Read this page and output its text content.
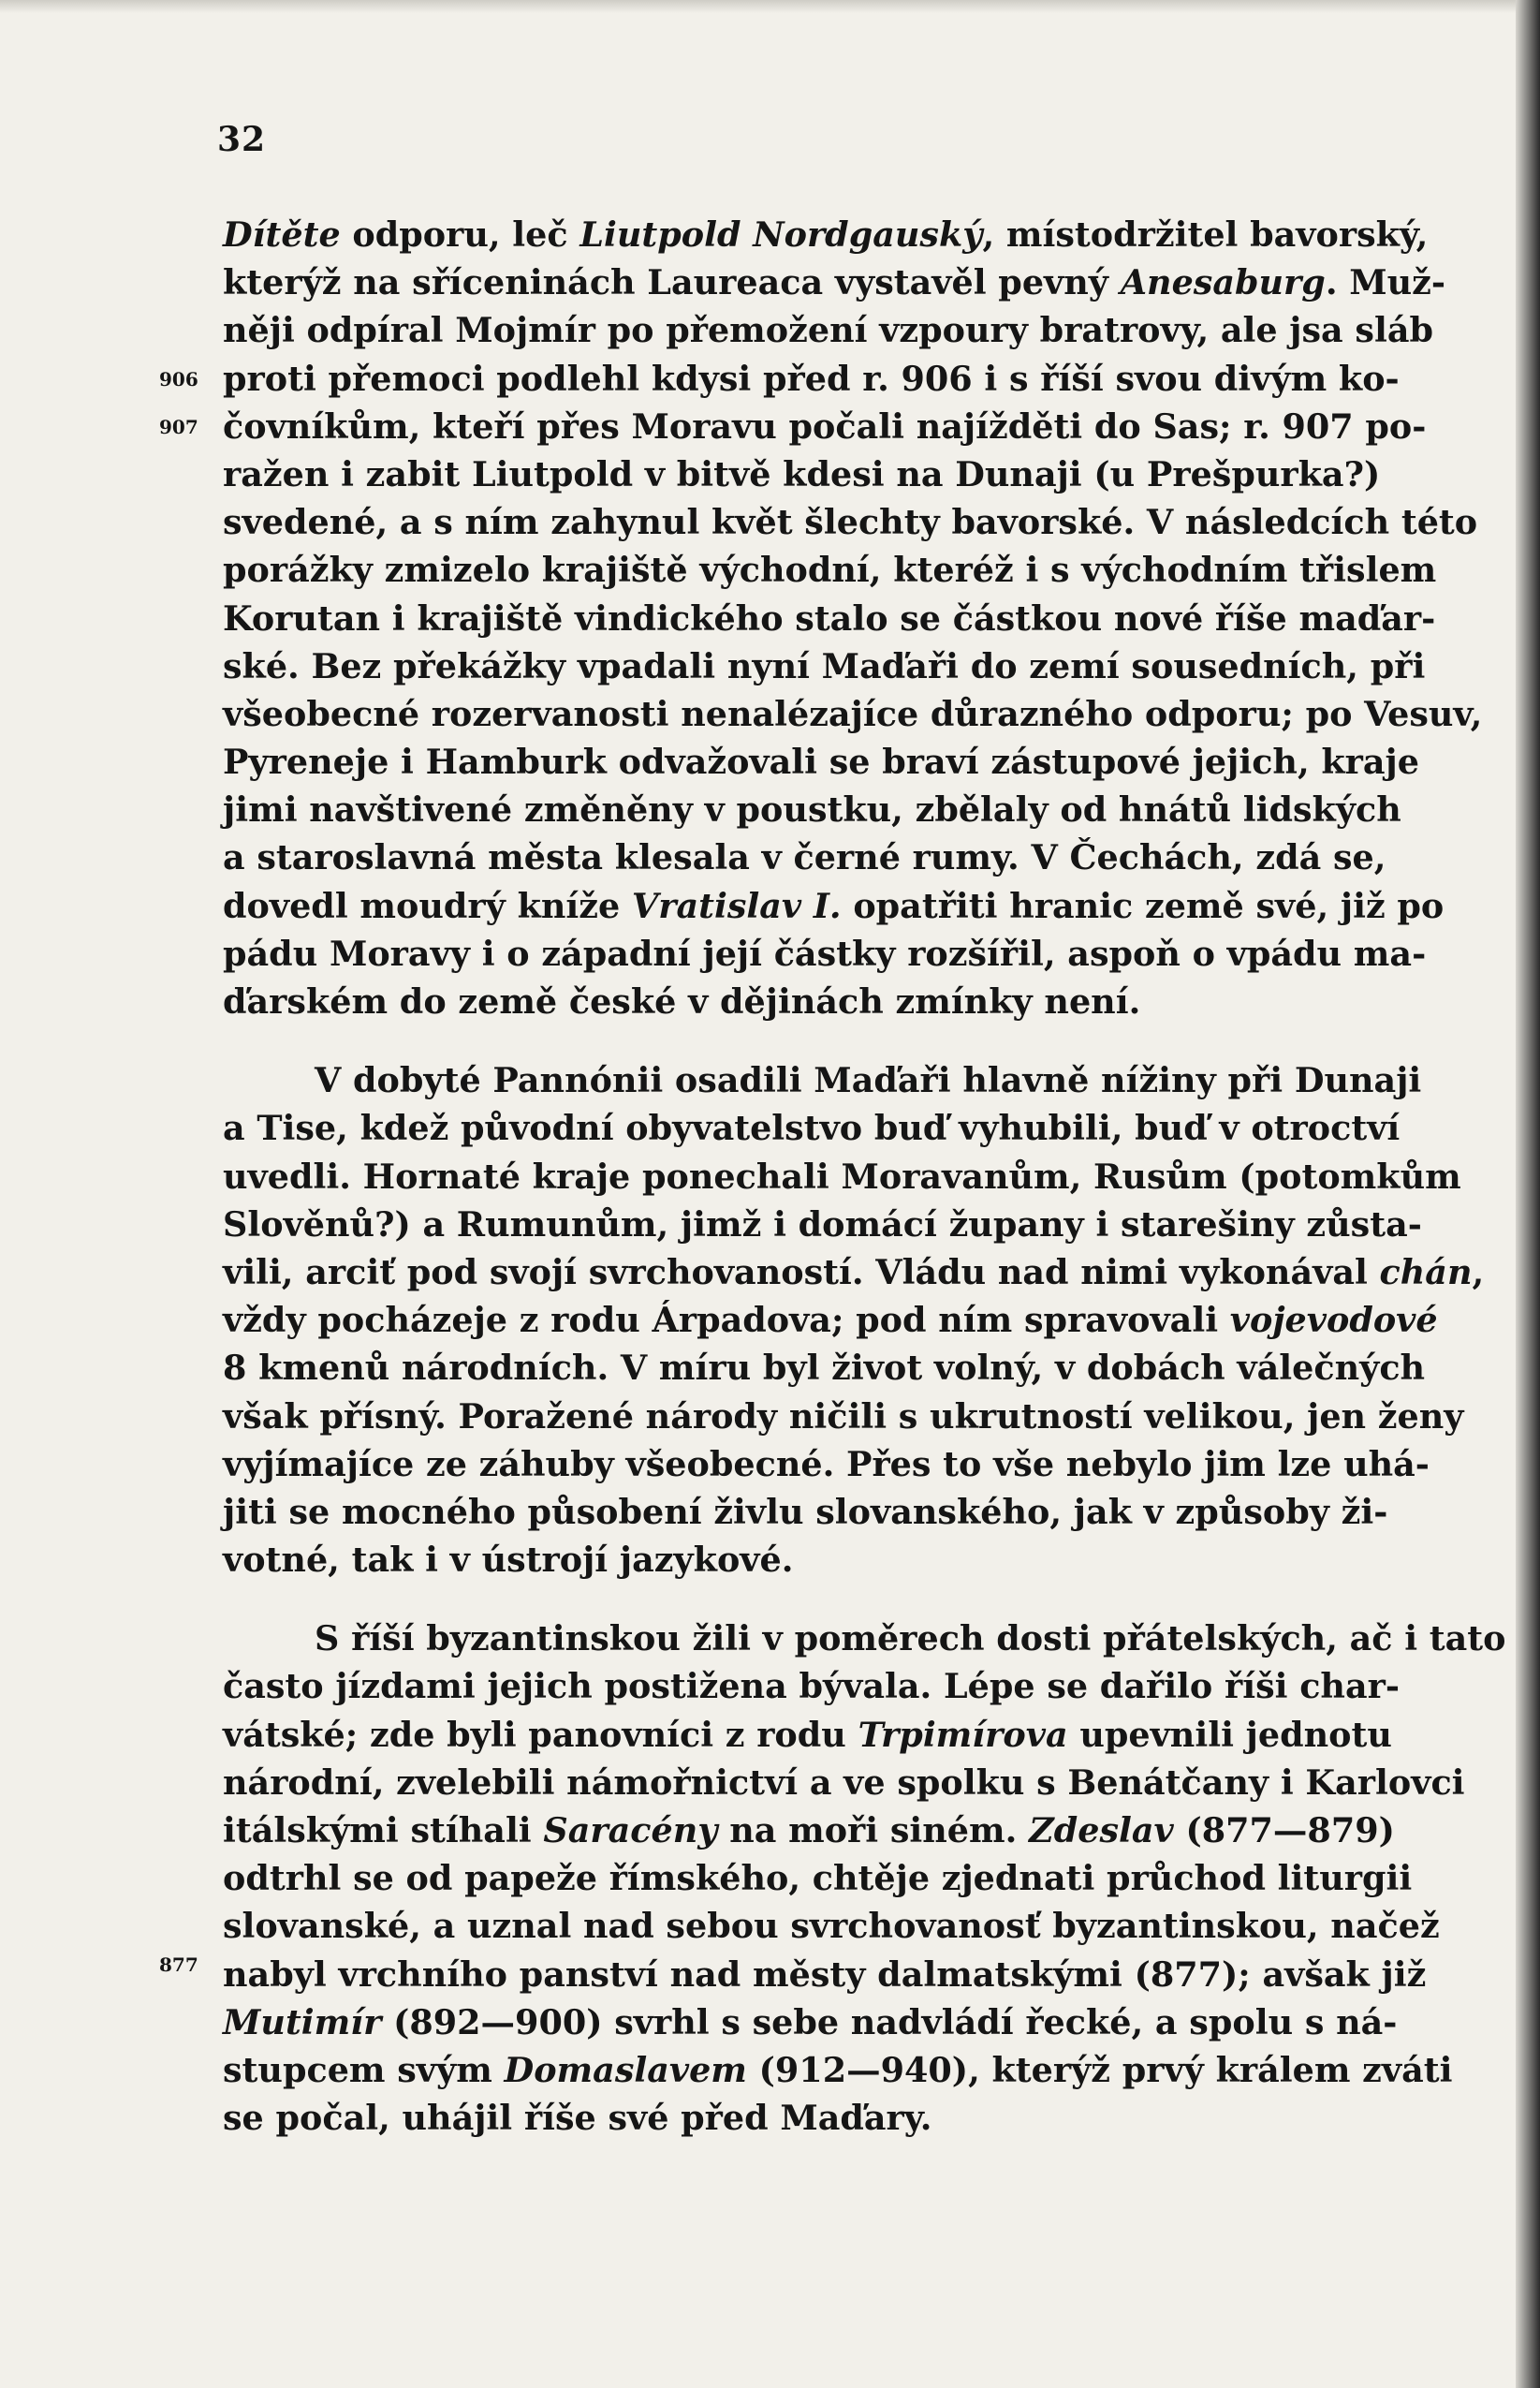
32
906
907
877
Dítěte odporu, leč Liutpold Nordgauský, místodržitel bavorský,
kterýž na sříceninách Laureaca vystavěl pevný Anesaburg. Muž-
něji odpíral Mojmír po přemožení vzpoury bratrovy, ale jsa sláb
proti přemoci podlehl kdysi před r. 906 i s říší svou divým ko-
čovníkům, kteří přes Moravu počali najížděti do Sas; r. 907 po-
ražen i zabit Liutpold v bitvě kdesi na Dunaji (u Prešpurka?)
svedené, a s ním zahynul květ šlechty bavorské. V následcích této
porážky zmizelo krajiště východní, kteréž i s východním třislem
Korutan i krajiště vindického stalo se částkou nové říše maďar-
ské. Bez překážky vpadali nyní Maďaři do zemí sousedních, při
všeobecné rozervanosti nenalézajíce důrazného odporu; po Vesuv,
Pyreneje i Hamburk odvažovali se braví zástupové jejich, kraje
jimi navštivené změněny v poustku, zbělaly od hnátů lidských
a staroslavná města klesala v černé rumy. V Čechách, zdá se,
dovedl moudrý kníže Vratislav I. opatřiti hranic země své, již po
pádu Moravy i o západní její částky rozšířil, aspoň o vpádu ma-
ďarském do země české v dějinách zmínky není.
V dobyté Pannónii osadili Maďaři hlavně nížiny při Dunaji
a Tise, kdež původní obyvatelstvo buď vyhubili, buď v otroctví
uvedli. Hornaté kraje ponechali Moravanům, Rusům (potomkům
Slověnů?) a Rumunům, jimž i domácí župany i starešiny zůsta-
vili, arciť pod svojí svrchovaností. Vládu nad nimi vykonával chán,
vždy pocházeje z rodu Árpadova; pod ním spravovali vojevodové
8 kmenů národních. V míru byl život volný, v dobách válečných
však přísný. Poražené národy ničili s ukrutností velikou, jen ženy
vyjímajíce ze záhuby všeobecné. Přes to vše nebylo jim lze uhá-
jiti se mocného působení živlu slovanského, jak v způsoby ži-
votné, tak i v ústrojí jazykové.
S říší byzantinskou žili v poměrech dosti přátelských, ač i tato
často jízdami jejich postižena bývala. Lépe se dařilo říši char-
vátské; zde byli panovníci z rodu Trpimírova upevnili jednotu
národní, zvelebili námořnictví a ve spolku s Benátčany i Karlovci
itálskými stíhali Saracény na moři siném. Zdeslav (877—879)
odtrhl se od papeže římského, chtěje zjednati průchod liturgii
slovanské, a uznal nad sebou svrchovanosť byzantinskou, načež
nabyl vrchního panství nad městy dalmatskými (877); avšak již
Mutimír (892—900) svrhl s sebe nadvládí řecké, a spolu s ná-
stupcem svým Domaslavem (912—940), kterýž prvý králem zváti
se počal, uhájil říše své před Maďary.
